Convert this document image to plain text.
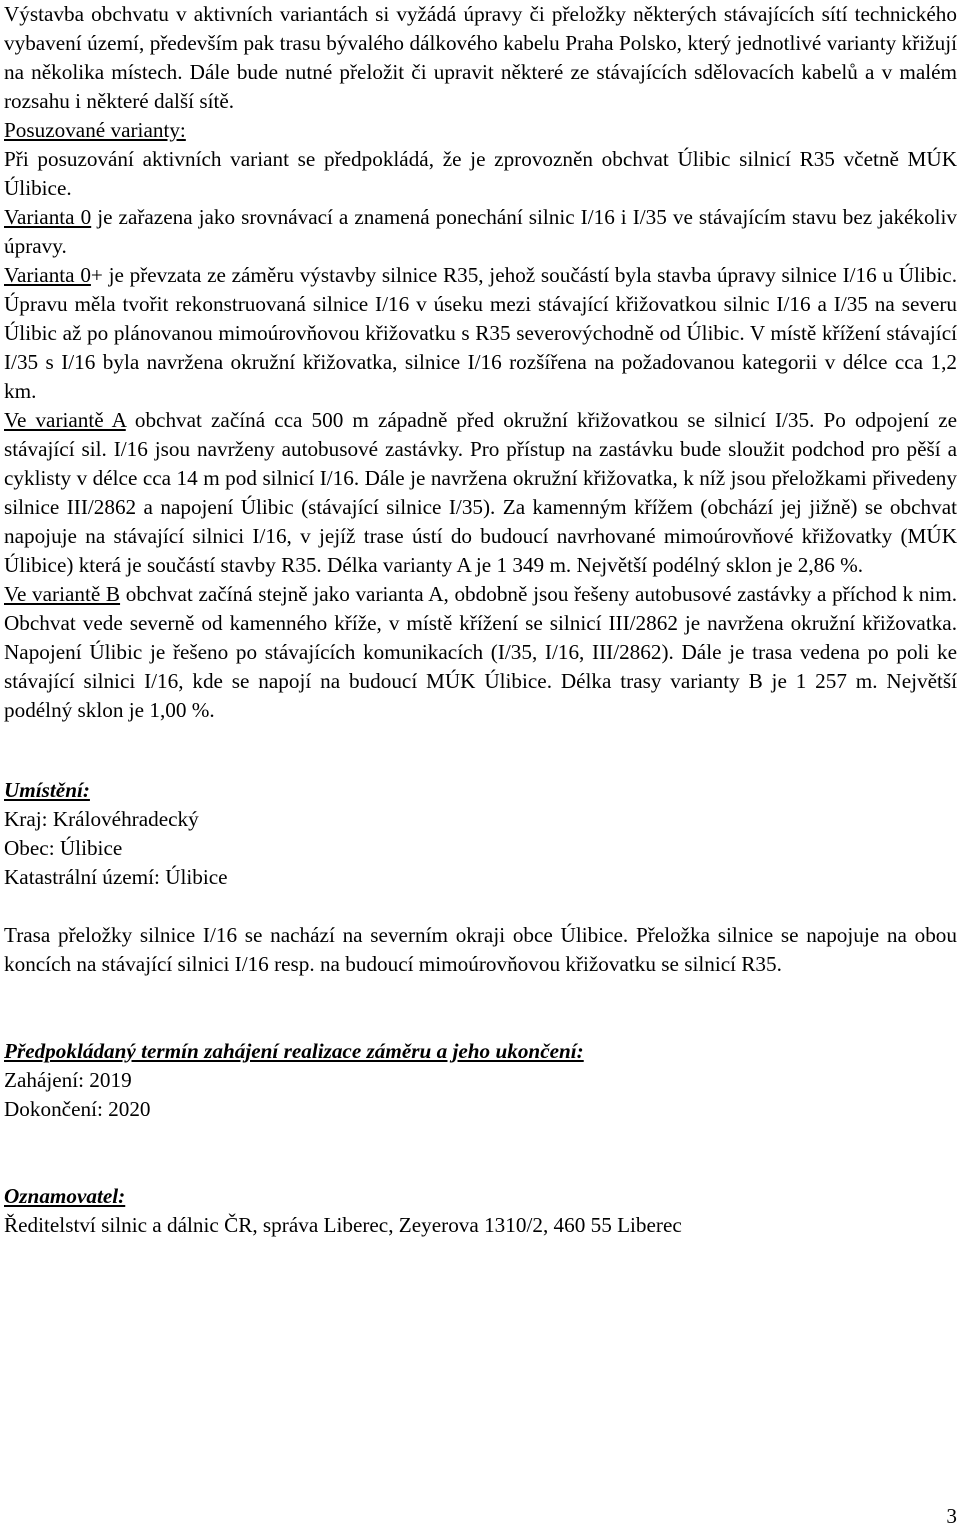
Výstavba obchvatu v aktivních variantách si vyžádá úpravy či přeložky některých stávajících sítí technického vybavení území, především pak trasu bývalého dálkového kabelu Praha Polsko, který jednotlivé varianty křižují na několika místech. Dále bude nutné přeložit či upravit některé ze stávajících sdělovacích kabelů a v malém rozsahu i některé další sítě.

Posuzované varianty:

Při posuzování aktivních variant se předpokládá, že je zprovozněn obchvat Úlibic silnicí R35 včetně MÚK Úlibice.

Varianta 0 je zařazena jako srovnávací a znamená ponechání silnic I/16 i I/35 ve stávajícím stavu bez jakékoliv úpravy.

Varianta 0+ je převzata ze záměru výstavby silnice R35, jehož součástí byla stavba úpravy silnice I/16 u Úlibic. Úpravu měla tvořit rekonstruovaná silnice I/16 v úseku mezi stávající křižovatkou silnic I/16 a I/35 na severu Úlibic až po plánovanou mimoúrovňovou křižovatku s R35 severovýchodně od Úlibic. V místě křížení stávající I/35 s I/16 byla navržena okružní křižovatka, silnice I/16 rozšířena na požadovanou kategorii v délce cca 1,2 km.

Ve variantě A obchvat začíná cca 500 m západně před okružní křižovatkou se silnicí I/35. Po odpojení ze stávající sil. I/16 jsou navrženy autobusové zastávky. Pro přístup na zastávku bude sloužit podchod pro pěší a cyklisty v délce cca 14 m pod silnicí I/16. Dále je navržena okružní křižovatka, k níž jsou přeložkami přivedeny silnice III/2862 a napojení Úlibic (stávající silnice I/35). Za kamenným křížem (obchází jej jižně) se obchvat napojuje na stávající silnici I/16, v jejíž trase ústí do budoucí navrhované mimoúrovňové křižovatky (MÚK Úlibice) která je součástí stavby R35. Délka varianty A je 1 349 m. Největší podélný sklon je 2,86 %.

Ve variantě B obchvat začíná stejně jako varianta A, obdobně jsou řešeny autobusové zastávky a příchod k nim. Obchvat vede severně od kamenného kříže, v místě křížení se silnicí III/2862 je navržena okružní křižovatka. Napojení Úlibic je řešeno po stávajících komunikacích (I/35, I/16, III/2862). Dále je trasa vedena po poli ke stávající silnici I/16, kde se napojí na budoucí MÚK Úlibice. Délka trasy varianty B je 1 257 m. Největší podélný sklon je 1,00 %.

Umístění:

Kraj: Královéhradecký

Obec: Úlibice

Katastrální území: Úlibice

Trasa přeložky silnice I/16 se nachází na severním okraji obce Úlibice. Přeložka silnice se napojuje na obou koncích na stávající silnici I/16 resp. na budoucí mimoúrovňovou křižovatku se silnicí R35.

Předpokládaný termín zahájení realizace záměru a jeho ukončení:

Zahájení: 2019

Dokončení: 2020

Oznamovatel:

Ředitelství silnic a dálnic ČR, správa Liberec, Zeyerova 1310/2, 460 55 Liberec

3
